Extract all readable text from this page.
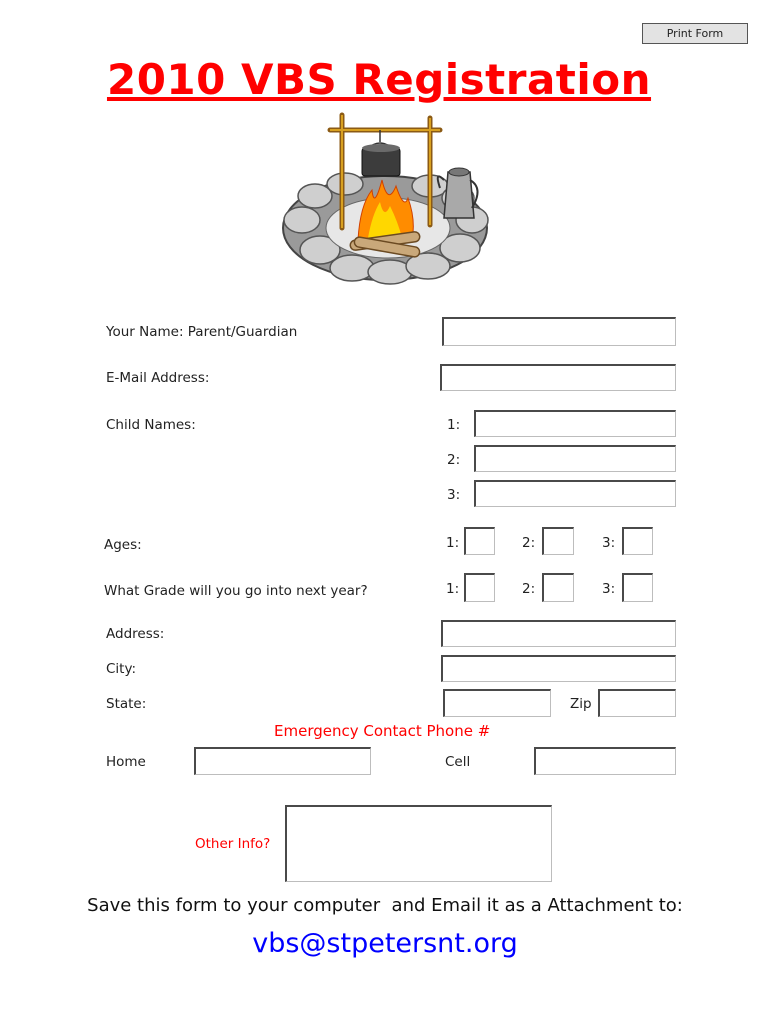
Print Form
2010 VBS Registration
Your Name: Parent/Guardian
E-Mail Address:
Child Names:	1:
2:
3:
Ages:	1:	2:	3:
What Grade will you go into next year?	1:	2:	3:
Address:
City:
State:	Zip
Emergency Contact Phone #
Home	Cell
Other Info?
Save this form to your computer  and Email it as a Attachment to:
vbs@stpetersnt.org
